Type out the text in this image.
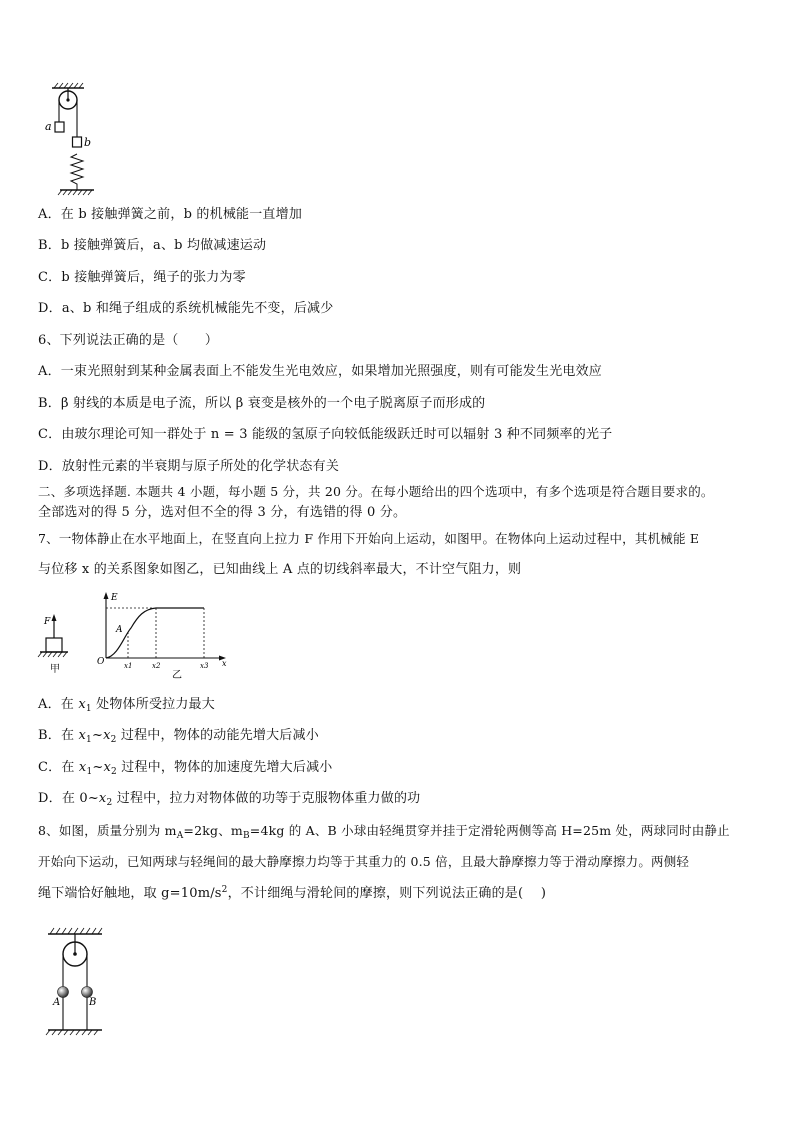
a
b
A．在 b 接触弹簧之前，b 的机械能一直增加
B．b 接触弹簧后，a、b 均做减速运动
C．b 接触弹簧后，绳子的张力为零
D．a、b 和绳子组成的系统机械能先不变，后减少
6、下列说法正确的是（　　）
A．一束光照射到某种金属表面上不能发生光电效应，如果增加光照强度，则有可能发生光电效应
B．β 射线的本质是电子流，所以 β 衰变是核外的一个电子脱离原子而形成的
C．由玻尔理论可知一群处于 n = 3 能级的氢原子向较低能级跃迁时可以辐射 3 种不同频率的光子
D．放射性元素的半衰期与原子所处的化学状态有关
二、多项选择题. 本题共 4 小题，每小题 5 分，共 20 分。在每小题给出的四个选项中，有多个选项是符合题目要求的。
全部选对的得 5 分，选对但不全的得 3 分，有选错的得 0 分。
7、一物体静止在水平地面上，在竖直向上拉力 F 作用下开始向上运动，如图甲。在物体向上运动过程中，其机械能 E
与位移 x 的关系图象如图乙，已知曲线上 A 点的切线斜率最大，不计空气阻力，则
F
甲
E
O
A
x1	x2	x3 x
乙
A．在 $x_1$ 处物体所受拉力最大
B．在 $x_1\sim x_2$ 过程中，物体的动能先增大后减小
C．在 $x_1\sim x_2$ 过程中，物体的加速度先增大后减小
D．在 $0\sim x_2$ 过程中，拉力对物体做的功等于克服物体重力做的功
8、如图，质量分别为 $m_A=2kg$、$m_B=4kg$ 的 A、B 小球由轻绳贯穿并挂于定滑轮两侧等高 H=25m 处，两球同时由静止
开始向下运动，已知两球与轻绳间的最大静摩擦力均等于其重力的 0.5 倍，且最大静摩擦力等于滑动摩擦力。两侧轻
绳下端恰好触地，取 $g=10m/s^2$，不计细绳与滑轮间的摩擦，则下列说法正确的是(　 )
A	B
